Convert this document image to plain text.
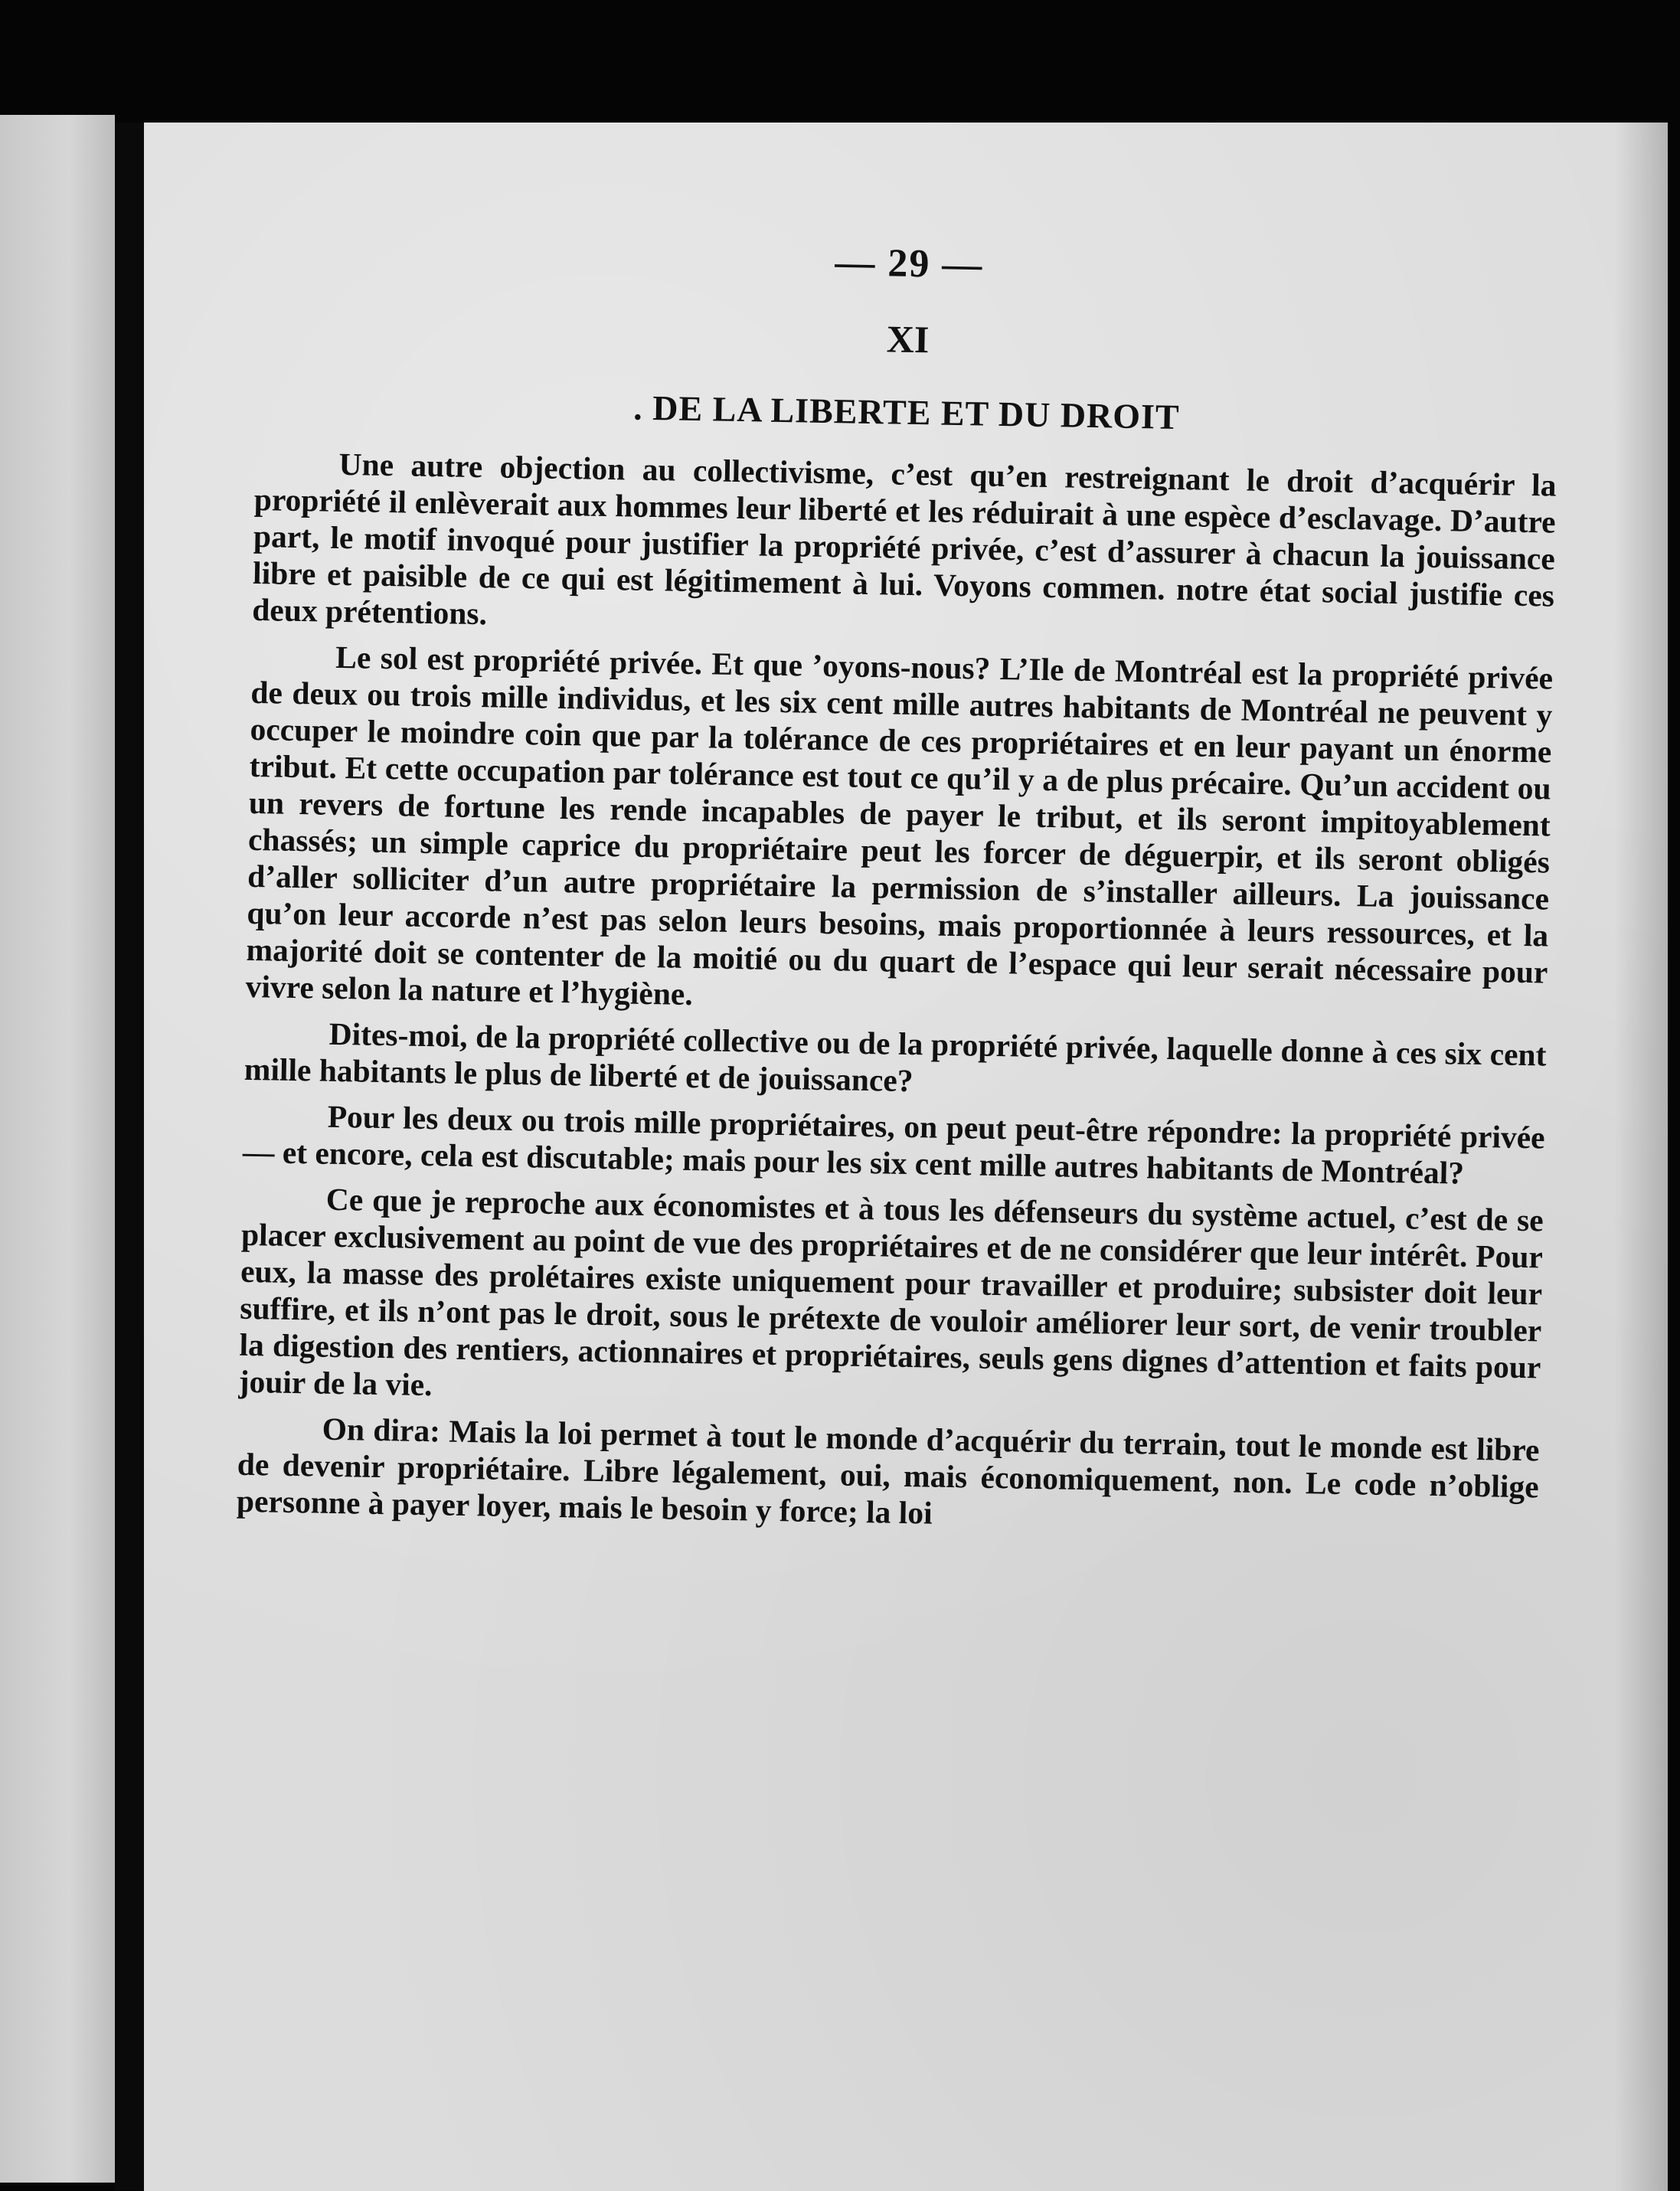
— 29 —
XI
. DE LA LIBERTE ET DU DROIT

Une autre objection au collectivisme, c’est qu’en restreignant le droit d’acquérir la propriété il enlèverait aux hommes leur liberté et les réduirait à une espèce d’esclavage. D’autre part, le motif invoqué pour justifier la propriété privée, c’est d’assurer à chacun la jouissance libre et paisible de ce qui est légitimement à lui. Voyons commen. notre état social justifie ces deux prétentions.

Le sol est propriété privée. Et que ’oyons-nous? L’Ile de Montréal est la propriété privée de deux ou trois mille individus, et les six cent mille autres habitants de Montréal ne peuvent y occuper le moindre coin que par la tolérance de ces propriétaires et en leur payant un énorme tribut. Et cette occupation par tolérance est tout ce qu’il y a de plus précaire. Qu’un accident ou un revers de fortune les rende incapables de payer le tribut, et ils seront impitoyablement chassés; un simple caprice du propriétaire peut les forcer de déguerpir, et ils seront obligés d’aller solliciter d’un autre propriétaire la permission de s’installer ailleurs. La jouissance qu’on leur accorde n’est pas selon leurs besoins, mais proportionnée à leurs ressources, et la majorité doit se contenter de la moitié ou du quart de l’espace qui leur serait nécessaire pour vivre selon la nature et l’hygiène.

Dites-moi, de la propriété collective ou de la propriété privée, laquelle donne à ces six cent mille habitants le plus de liberté et de jouissance?

Pour les deux ou trois mille propriétaires, on peut peut-être répondre: la propriété privée — et encore, cela est discutable; mais pour les six cent mille autres habitants de Montréal?

Ce que je reproche aux économistes et à tous les défenseurs du système actuel, c’est de se placer exclusivement au point de vue des propriétaires et de ne considérer que leur intérêt. Pour eux, la masse des prolétaires existe uniquement pour travailler et produire; subsister doit leur suffire, et ils n’ont pas le droit, sous le prétexte de vouloir améliorer leur sort, de venir troubler la digestion des rentiers, actionnaires et propriétaires, seuls gens dignes d’attention et faits pour jouir de la vie.

On dira: Mais la loi permet à tout le monde d’acquérir du terrain, tout le monde est libre de devenir propriétaire. Libre légalement, oui, mais économiquement, non. Le code n’oblige personne à payer loyer, mais le besoin y force; la loi
